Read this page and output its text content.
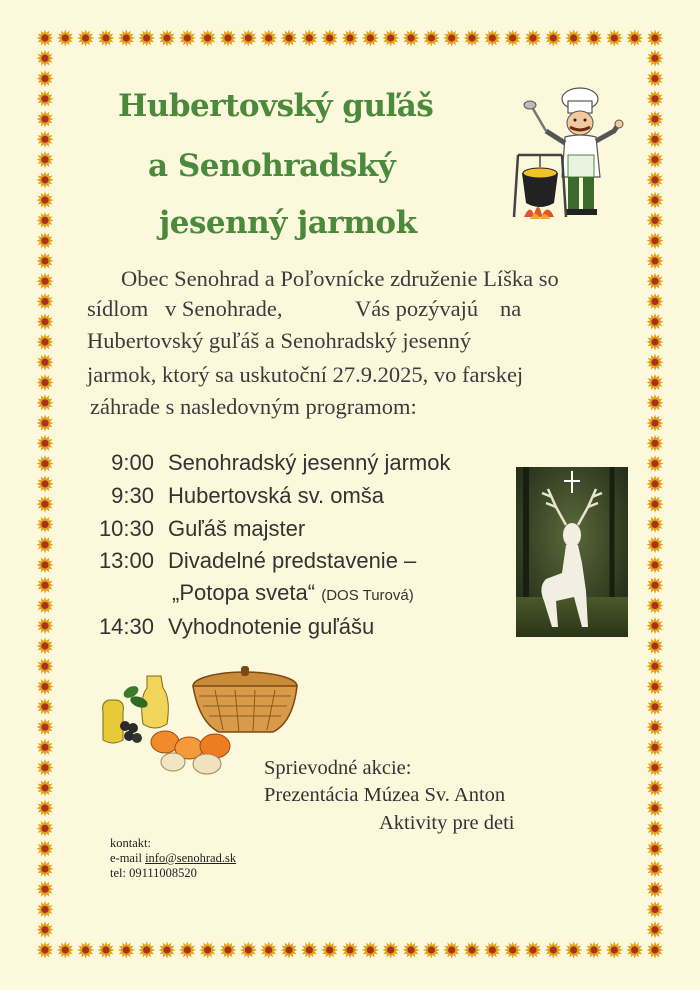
Hubertovský guľáš
a Senohradský
jesenný jarmok
Obec Senohrad a Poľovnícke združenie Líška so
sídlom v Senohrade,	Vás pozývajú na
Hubertovský guľáš a Senohradský jesenný
jarmok, ktorý sa uskutoční 27.9.2025, vo farskej
záhrade s nasledovným programom:
9:00 Senohradský jesenný jarmok
9:30 Hubertovská sv. omša
10:30 Guľáš majster
13:00 Divadelné predstavenie –
„Potopa sveta“ (DOS Turová)
14:30 Vyhodnotenie guľášu
Sprievodné akcie:
Prezentácia Múzea Sv. Anton
Aktivity pre deti
kontakt:
e-mail info@senohrad.sk
tel: 09111008520
